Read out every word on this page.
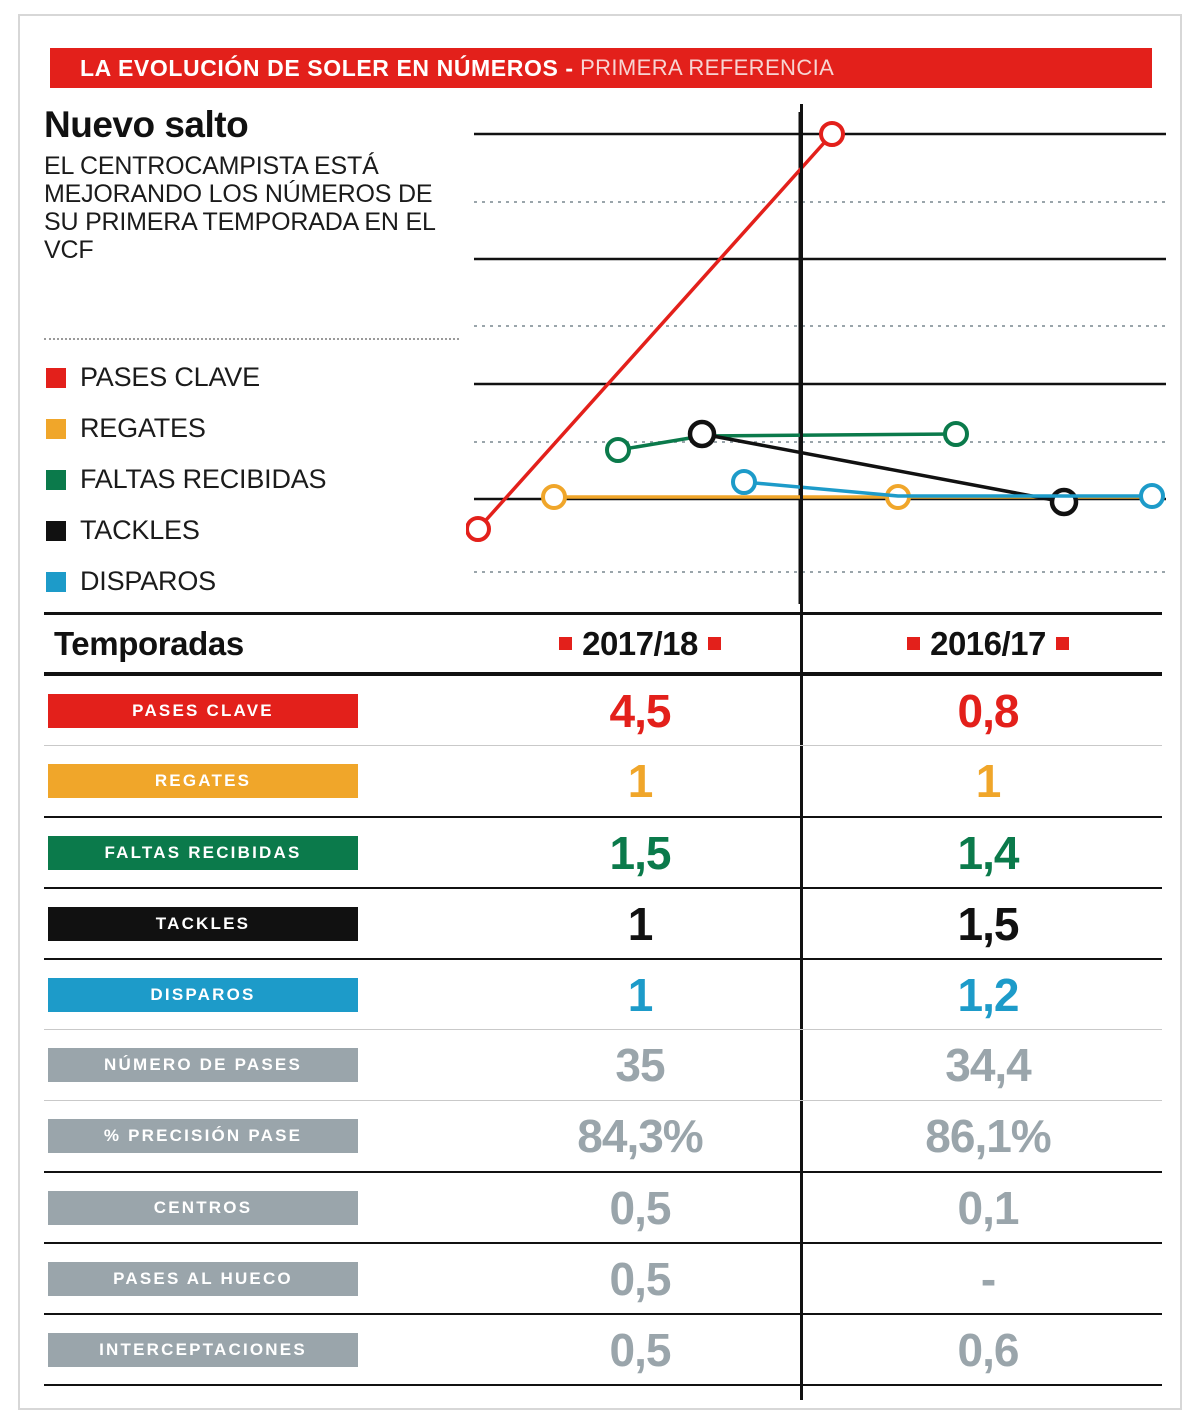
LA EVOLUCIÓN DE SOLER EN NÚMEROS - PRIMERA REFERENCIA
Nuevo salto

EL CENTROCAMPISTA ESTÁ MEJORANDO LOS NÚMEROS DE SU PRIMERA TEMPORADA EN EL VCF

PASES CLAVE
REGATES
FALTAS RECIBIDAS
TACKLES
DISPAROS
Temporadas	2017/18	2016/17
PASES CLAVE	4,5	0,8
REGATES	1	1
FALTAS RECIBIDAS	1,5	1,4
TACKLES	1	1,5
DISPAROS	1	1,2
NÚMERO DE PASES	35	34,4
% PRECISIÓN PASE	84,3%	86,1%
CENTROS	0,5	0,1
PASES AL HUECO	0,5	-
INTERCEPTACIONES	0,5	0,6
